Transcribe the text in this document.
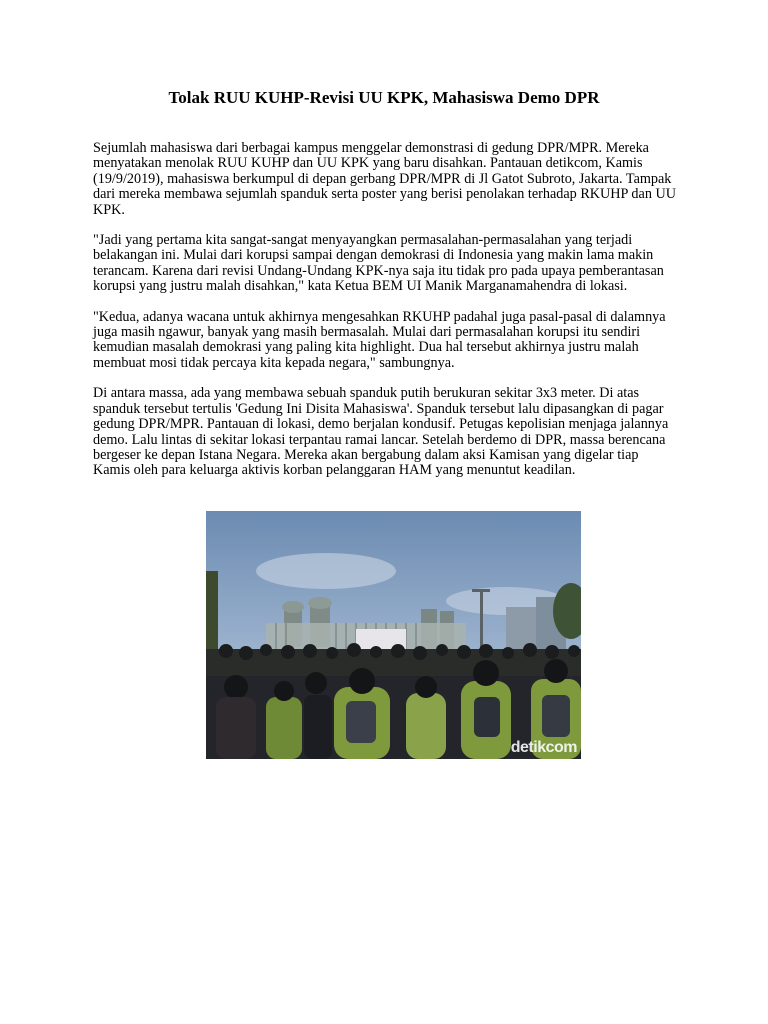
Tolak RUU KUHP-Revisi UU KPK, Mahasiswa Demo DPR

Sejumlah mahasiswa dari berbagai kampus menggelar demonstrasi di gedung DPR/MPR. Mereka menyatakan menolak RUU KUHP dan UU KPK yang baru disahkan. Pantauan detikcom, Kamis (19/9/2019), mahasiswa berkumpul di depan gerbang DPR/MPR di Jl Gatot Subroto, Jakarta. Tampak dari mereka membawa sejumlah spanduk serta poster yang berisi penolakan terhadap RKUHP dan UU KPK.

"Jadi yang pertama kita sangat-sangat menyayangkan permasalahan-permasalahan yang terjadi belakangan ini. Mulai dari korupsi sampai dengan demokrasi di Indonesia yang makin lama makin terancam. Karena dari revisi Undang-Undang KPK-nya saja itu tidak pro pada upaya pemberantasan korupsi yang justru malah disahkan," kata Ketua BEM UI Manik Marganamahendra di lokasi.

"Kedua, adanya wacana untuk akhirnya mengesahkan RKUHP padahal juga pasal-pasal di dalamnya juga masih ngawur, banyak yang masih bermasalah. Mulai dari permasalahan korupsi itu sendiri kemudian masalah demokrasi yang paling kita highlight. Dua hal tersebut akhirnya justru malah membuat mosi tidak percaya kita kepada negara," sambungnya.

Di antara massa, ada yang membawa sebuah spanduk putih berukuran sekitar 3x3 meter. Di atas spanduk tersebut tertulis 'Gedung Ini Disita Mahasiswa'. Spanduk tersebut lalu dipasangkan di pagar gedung DPR/MPR. Pantauan di lokasi, demo berjalan kondusif. Petugas kepolisian menjaga jalannya demo. Lalu lintas di sekitar lokasi terpantau ramai lancar. Setelah berdemo di DPR, massa berencana bergeser ke depan Istana Negara. Mereka akan bergabung dalam aksi Kamisan yang digelar tiap Kamis oleh para keluarga aktivis korban pelanggaran HAM yang menuntut keadilan.

detikcom
